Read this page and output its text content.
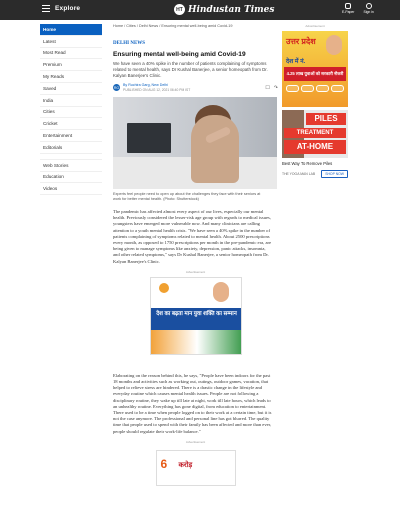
Explore	HT Hindustan Times	E-Paper	Sign in
Home
Latest
Most Read
Premium
My Reads
Saved
India
Cities
Cricket
Entertainment
Editorials
Web Stories
Education
Videos
Home / Cities / Delhi News / Ensuring mental well-being amid Covid-19
DELHI NEWS
Ensuring mental well-being amid Covid-19

We have seen a 40% spike in the number of patients complaining of symptoms related to mental health, says Dr Kushal Banerjee, a senior homeopath from Dr. Kalyan Banerjee's Clinic.

RG
By Ruchira Garg, New Delhi
PUBLISHED ON AUG 12, 2021 06:40 PM IST	☐ ↷

Experts feel people need to open up about the challenges they face with their seniors at work for better mental health. (Photo: Shutterstock)

The pandemic has affected almost every aspect of our lives, especially our mental health. Previously considered the lesser-risk age group with regards to medical issues, youngsters have emerged more vulnerable now. And many clinicians are calling attention to a youth mental health crisis. "We have seen a 40% spike in the number of patients complaining of symptoms related to mental health. About 2500 prescriptions every month, as opposed to 1750 prescriptions per month in the pre-pandemic era, are being given to manage symptoms like anxiety, depression, panic attacks, insomnia, and other related symptoms," says Dr Kushal Banerjee, a senior homeopath from Dr. Kalyan Banerjee's Clinic.

Advertisement
देश का बढ़ता मान युवा शक्ति का सम्मान

Elaborating on the reason behind this, he says, "People have been indoors for the past 18 months and activities such as working out, outings, outdoor games, vacation, that helped to relieve stress are hindered. There is a drastic change in the lifestyle and everyday routine which causes mental health issues. People are not following a disciplinary routine, they wake up till late at night, work till late hours, which leads to an unhealthy routine. Everything has gone digital, from education to entertainment. There used to be a time when people logged on to their work at a certain time, but it is not the case anymore. The professional and personal line has got blurred. The quality time that people used to spend with their family has been affected and more than ever, people should regulate their work-life balance."

Advertisement
6 करोड़
Advertisement
उत्तर प्रदेश
देश में नं.
4.25 लाख युवाओं को सरकारी नौकरी
PILES
TREATMENT
AT-HOME
Best Way To Remove Piles
THE YOGA MAN LAB	SHOP NOW
